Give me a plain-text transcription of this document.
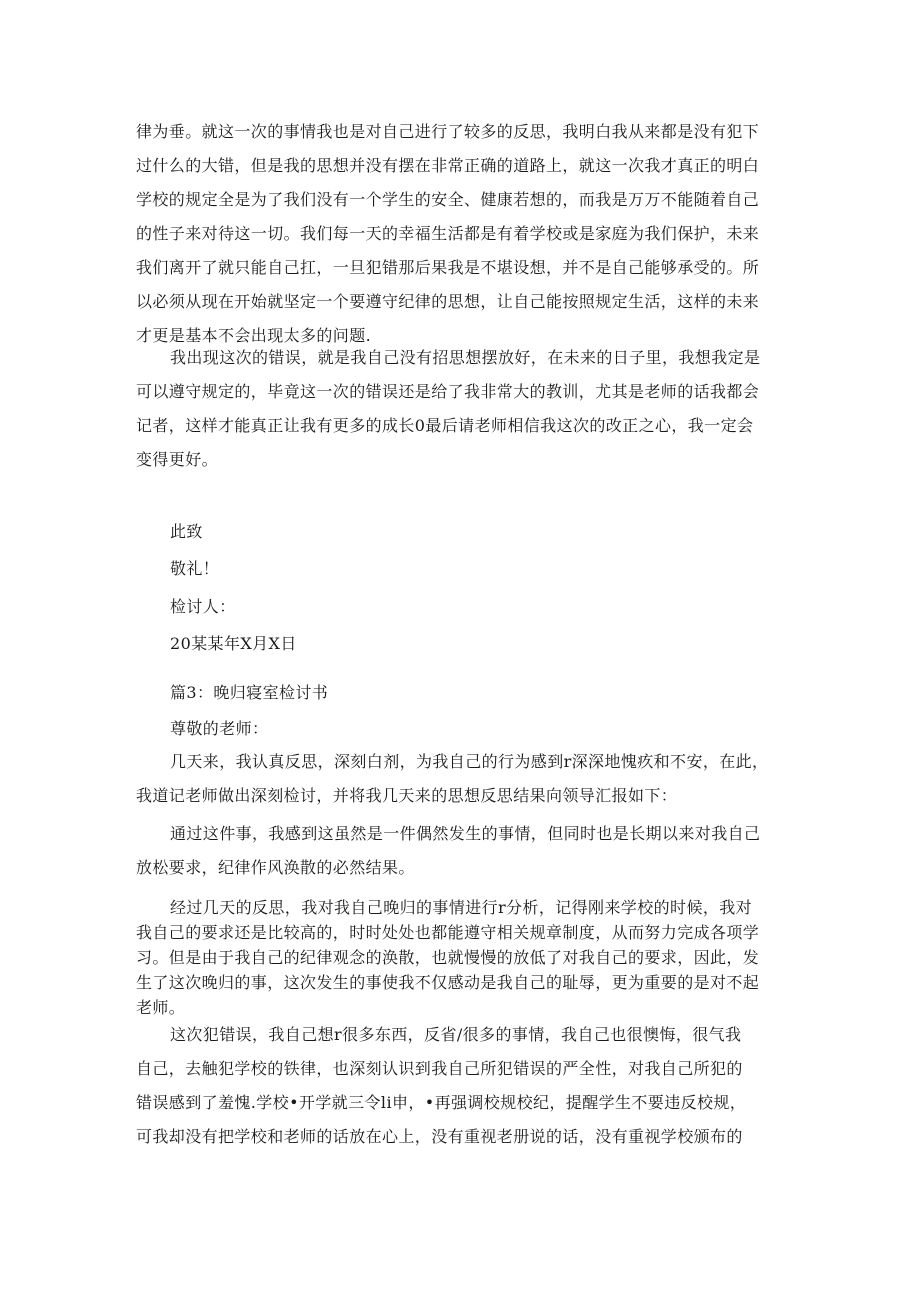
律为垂。就这一次的事情我也是对自己进行了较多的反思，我明白我从来都是没有犯下
过什么的大错，但是我的思想并没有摆在非常正确的道路上，就这一次我才真正的明白
学校的规定全是为了我们没有一个学生的安全、健康若想的，而我是万万不能随着自己
的性子来对待这一切。我们每一天的幸福生活都是有着学校或是家庭为我们保护，未来
我们离开了就只能自己扛，一旦犯错那后果我是不堪设想，并不是自己能够承受的。所
以必须从现在开始就坚定一个要遵守纪律的思想，让自己能按照规定生活，这样的未来
才更是基本不会出现太多的问题.
我出现这次的错误，就是我自己没有招思想摆放好，在未来的日子里，我想我定是
可以遵守规定的，毕竟这一次的错误还是给了我非常大的教训，尤其是老师的话我都会
记者，这样才能真正让我有更多的成长0最后请老师相信我这次的改正之心，我一定会
变得更好。
此致
敬礼！
检讨人：
20某某年X月X日
篇3：晚归寝室检讨书
尊敬的老师：
几天来，我认真反思，深刻白剂，为我自己的行为感到r深深地愧疚和不安，在此，
我道记老师做出深刻检讨，并将我几天来的思想反思结果向领导汇报如下：
通过这件事，我感到这虽然是一件偶然发生的事情，但同时也是长期以来对我自己
放松要求，纪律作风涣散的必然结果。
经过几天的反思，我对我自己晚归的事情进行r分析，记得刚来学校的时候，我对
我自己的要求还是比较高的，时时处处也都能遵守相关规章制度，从而努力完成各项学
习。但是由于我自己的纪律观念的涣散，也就慢慢的放低了对我自己的要求，因此，发
生了这次晚归的事，这次发生的事使我不仅感动是我自己的耻辱，更为重要的是对不起
老师。
这次犯错误，我自己想r很多东西，反省/很多的事情，我自己也很懊悔，很气我
自己，去触犯学校的铁律，也深刻认识到我自己所犯错误的严全性，对我自己所犯的
错误感到了羞愧.学校•开学就三令li申，•再强调校规校纪，提醒学生不要违反校规，
可我却没有把学校和老师的话放在心上，没有重视老册说的话，没有重视学校颁布的
